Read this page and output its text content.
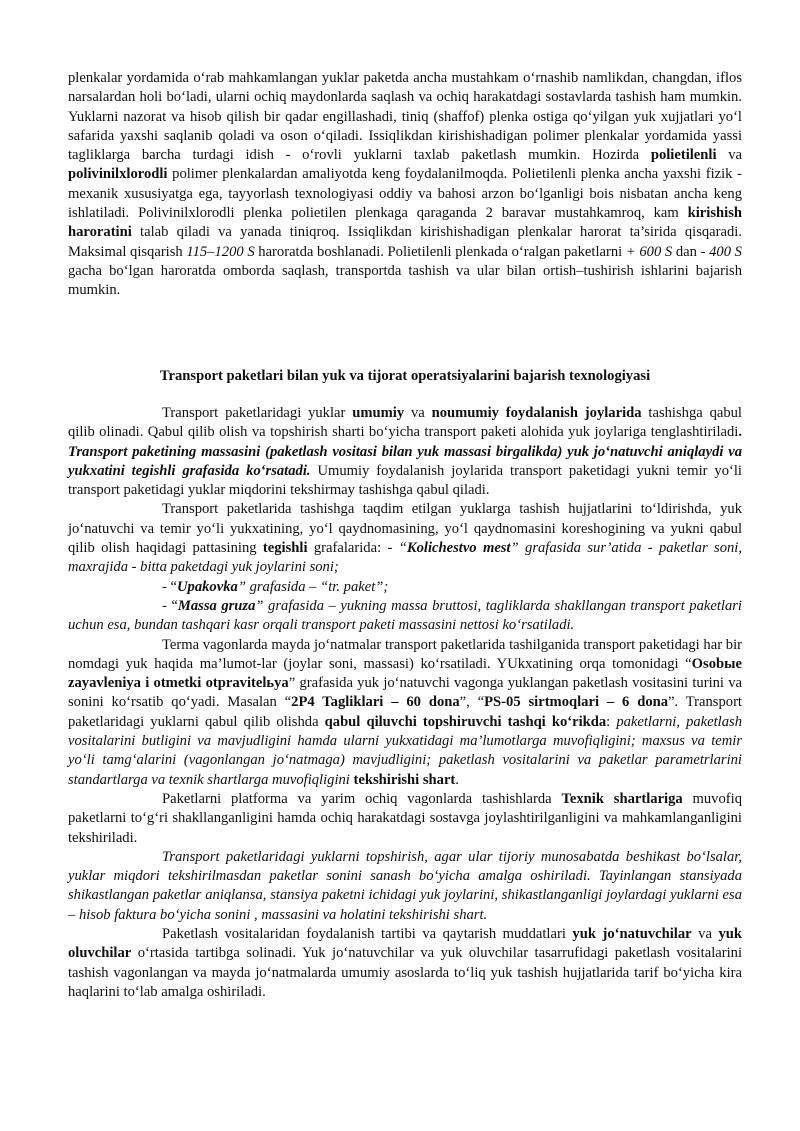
plenkalar yordamida o‘rab mahkamlangan yuklar paketda ancha mustahkam o‘rnashib namlikdan, changdan, iflos narsalardan holi bo‘ladi, ularni ochiq maydonlarda saqlash va ochiq harakatdagi sostavlarda tashish ham mumkin. Yuklarni nazorat va hisob qilish bir qadar engillashadi, tiniq (shaffof) plenka ostiga qo‘yilgan yuk xujjatlari yo‘l safarida yaxshi saqlanib qoladi va oson o‘qiladi. Issiqlikdan kirishishadigan polimer plenkalar yordamida yassi tagliklarga barcha turdagi idish - o‘rovli yuklarni taxlab paketlash mumkin. Hozirda polietilenli va polivinilxlorodli polimer plenkalardan amaliyotda keng foydalanilmoqda. Polietilenli plenka ancha yaxshi fizik - mexanik xususiyatga ega, tayyorlash texnologiyasi oddiy va bahosi arzon bo‘lganligi bois nisbatan ancha keng ishlatiladi. Polivinilxlorodli plenka polietilen plenkaga qaraganda 2 baravar mustahkamroq, kam kirishish haroratini talab qiladi va yanada tiniqroq. Issiqlikdan kirishishadigan plenkalar harorat ta’sirida qisqaradi. Maksimal qisqarish 115–1200 S haroratda boshlanadi. Polietilenli plenkada o‘ralgan paketlarni + 600 S dan - 400 S gacha bo‘lgan haroratda omborda saqlash, transportda tashish va ular bilan ortish–tushirish ishlarini bajarish mumkin.

Transport paketlari bilan yuk va tijorat operatsiyalarini bajarish texnologiyasi

Transport paketlaridagi yuklar umumiy va noumumiy foydalanish joylarida tashishga qabul qilib olinadi. Qabul qilib olish va topshirish sharti bo‘yicha transport paketi alohida yuk joylariga tenglashtiriladi. Transport paketining massasini (paketlash vositasi bilan yuk massasi birgalikda) yuk jo‘natuvchi aniqlaydi va yukxatini tegishli grafasida ko‘rsatadi. Umumiy foydalanish joylarida transport paketidagi yukni temir yo‘li transport paketidagi yuklar miqdorini tekshirmay tashishga qabul qiladi.

Transport paketlarida tashishga taqdim etilgan yuklarga tashish hujjatlarini to‘ldirishda, yuk jo‘natuvchi va temir yo‘li yukxatining, yo‘l qaydnomasining, yo‘l qaydnomasini koreshogining va yukni qabul qilib olish haqidagi pattasining tegishli grafalarida: - “Kolichestvo mest” grafasida sur’atida - paketlar soni, maxrajida - bitta paketdagi yuk joylarini soni;

- “Upakovka” grafasida – “tr. paket”;

- “Massa gruza” grafasida – yukning massa bruttosi, tagliklarda shakllangan transport paketlari uchun esa, bundan tashqari kasr orqali transport paketi massasini nettosi ko‘rsatiladi.

Terma vagonlarda mayda jo‘natmalar transport paketlarida tashilganida transport paketidagi har bir nomdagi yuk haqida ma’lumot-lar (joylar soni, massasi) ko‘rsatiladi. YUkxatining orqa tomonidagi “Osobыe zayavleniya i otmetki otpravitelьya” grafasida yuk jo‘natuvchi vagonga yuklangan paketlash vositasini turini va sonini ko‘rsatib qo‘yadi. Masalan “2P4 Tagliklari – 60 dona”, “PS-05 sirtmoqlari – 6 dona”. Transport paketlaridagi yuklarni qabul qilib olishda qabul qiluvchi topshiruvchi tashqi ko‘rikda: paketlarni, paketlash vositalarini butligini va mavjudligini hamda ularni yukxatidagi ma’lumotlarga muvofiqligini; maxsus va temir yo‘li tamg‘alarini (vagonlangan jo‘natmaga) mavjudligini; paketlash vositalarini va paketlar parametrlarini standartlarga va texnik shartlarga muvofiqligini tekshirishi shart.

Paketlarni platforma va yarim ochiq vagonlarda tashishlarda Texnik shartlariga muvofiq paketlarni to‘g‘ri shakllanganligini hamda ochiq harakatdagi sostavga joylashtirilganligini va mahkamlanganligini tekshiriladi.

Transport paketlaridagi yuklarni topshirish, agar ular tijoriy munosabatda beshikast bo‘lsalar, yuklar miqdori tekshirilmasdan paketlar sonini sanash bo‘yicha amalga oshiriladi. Tayinlangan stansiyada shikastlangan paketlar aniqlansa, stansiya paketni ichidagi yuk joylarini, shikastlanganligi joylardagi yuklarni esa – hisob faktura bo‘yicha sonini , massasini va holatini tekshirishi shart.

Paketlash vositalaridan foydalanish tartibi va qaytarish muddatlari yuk jo‘natuvchilar va yuk oluvchilar o‘rtasida tartibga solinadi. Yuk jo‘natuvchilar va yuk oluvchilar tasarrufidagi paketlash vositalarini tashish vagonlangan va mayda jo‘natmalarda umumiy asoslarda to‘liq yuk tashish hujjatlarida tarif bo‘yicha kira haqlarini to‘lab amalga oshiriladi.
